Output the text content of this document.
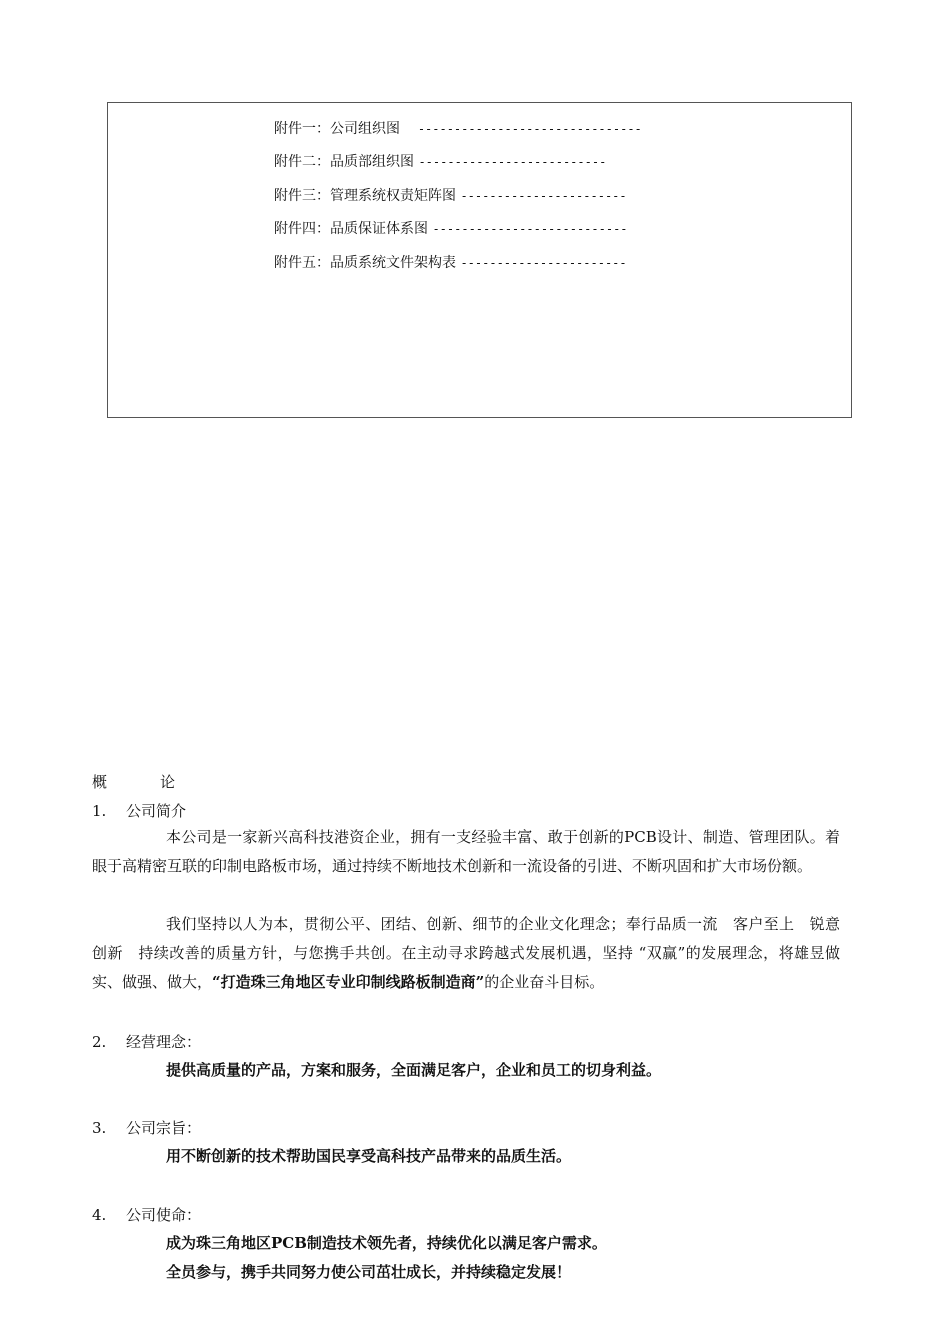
附件一：公司组织图 -------------------------------
附件二：品质部组织图 --------------------------
附件三：管理系统权责矩阵图 -----------------------
附件四：品质保证体系图 ---------------------------
附件五：品质系统文件架构表 -----------------------
概	论
1. 公司简介

本公司是一家新兴高科技港资企业，拥有一支经验丰富、敢于创新的PCB设计、制造、管理团队。着眼于高精密互联的印制电路板市场，通过持续不断地技术创新和一流设备的引进、不断巩固和扩大市场份额。

我们坚持以人为本，贯彻公平、团结、创新、细节的企业文化理念；奉行品质一流　客户至上　锐意创新　持续改善的质量方针，与您携手共创。在主动寻求跨越式发展机遇，坚持 “双赢”的发展理念，将雄昱做实、做强、做大，“打造珠三角地区专业印制线路板制造商”的企业奋斗目标。

2. 经营理念：
提供高质量的产品，方案和服务，全面满足客户，企业和员工的切身利益。
3. 公司宗旨：
用不断创新的技术帮助国民享受高科技产品带来的品质生活。
4. 公司使命：
成为珠三角地区PCB制造技术领先者，持续优化以满足客户需求。
全员参与，携手共同努力使公司茁壮成长，并持续稳定发展！
